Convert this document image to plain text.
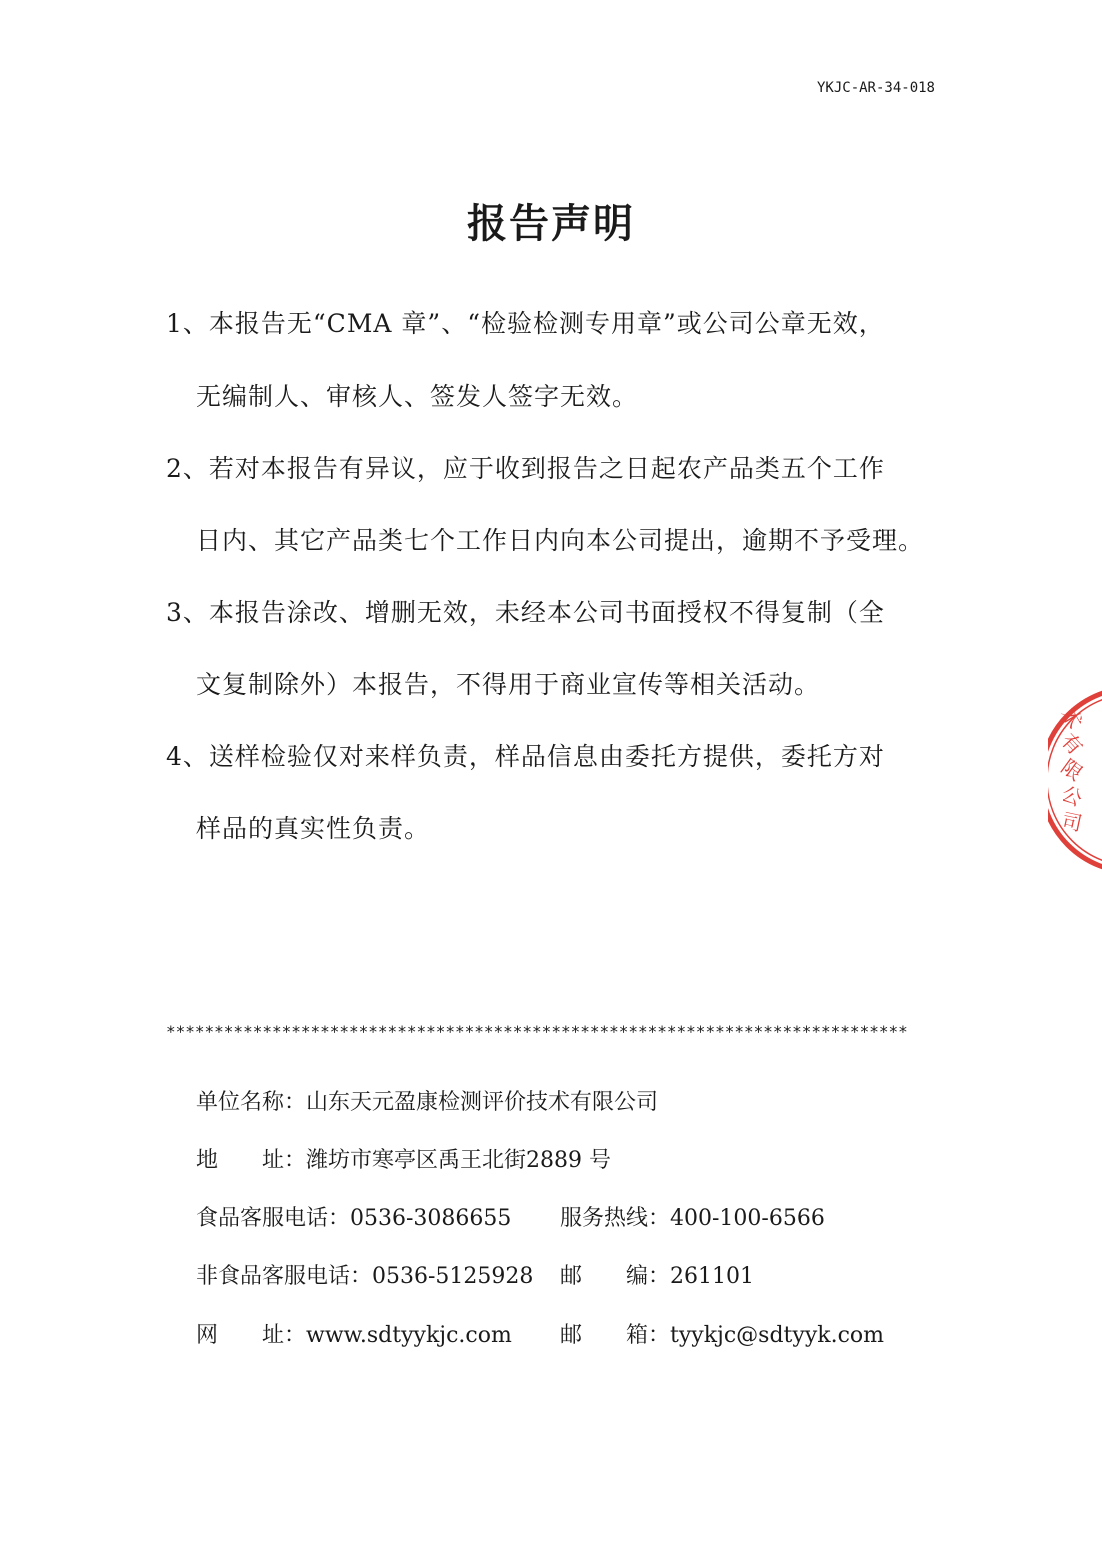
YKJC-AR-34-018
报告声明
1、本报告无“CMA 章”、“检验检测专用章”或公司公章无效，
无编制人、审核人、签发人签字无效。
2、若对本报告有异议，应于收到报告之日起农产品类五个工作
日内、其它产品类七个工作日内向本公司提出，逾期不予受理。
3、本报告涂改、增删无效，未经本公司书面授权不得复制（全
文复制除外）本报告，不得用于商业宣传等相关活动。
4、送样检验仅对来样负责，样品信息由委托方提供，委托方对
样品的真实性负责。
*****************************************************************************
单位名称：山东天元盈康检测评价技术有限公司
地　　址：潍坊市寒亭区禹王北街2889 号
食品客服电话：0536-3086655 服务热线：400-100-6566
非食品客服电话：0536-5125928 邮　　编：261101
网　　址：www.sdtyykjc.com 邮　　箱：tyykjc@sdtyyk.com
术
有
限
公
司
